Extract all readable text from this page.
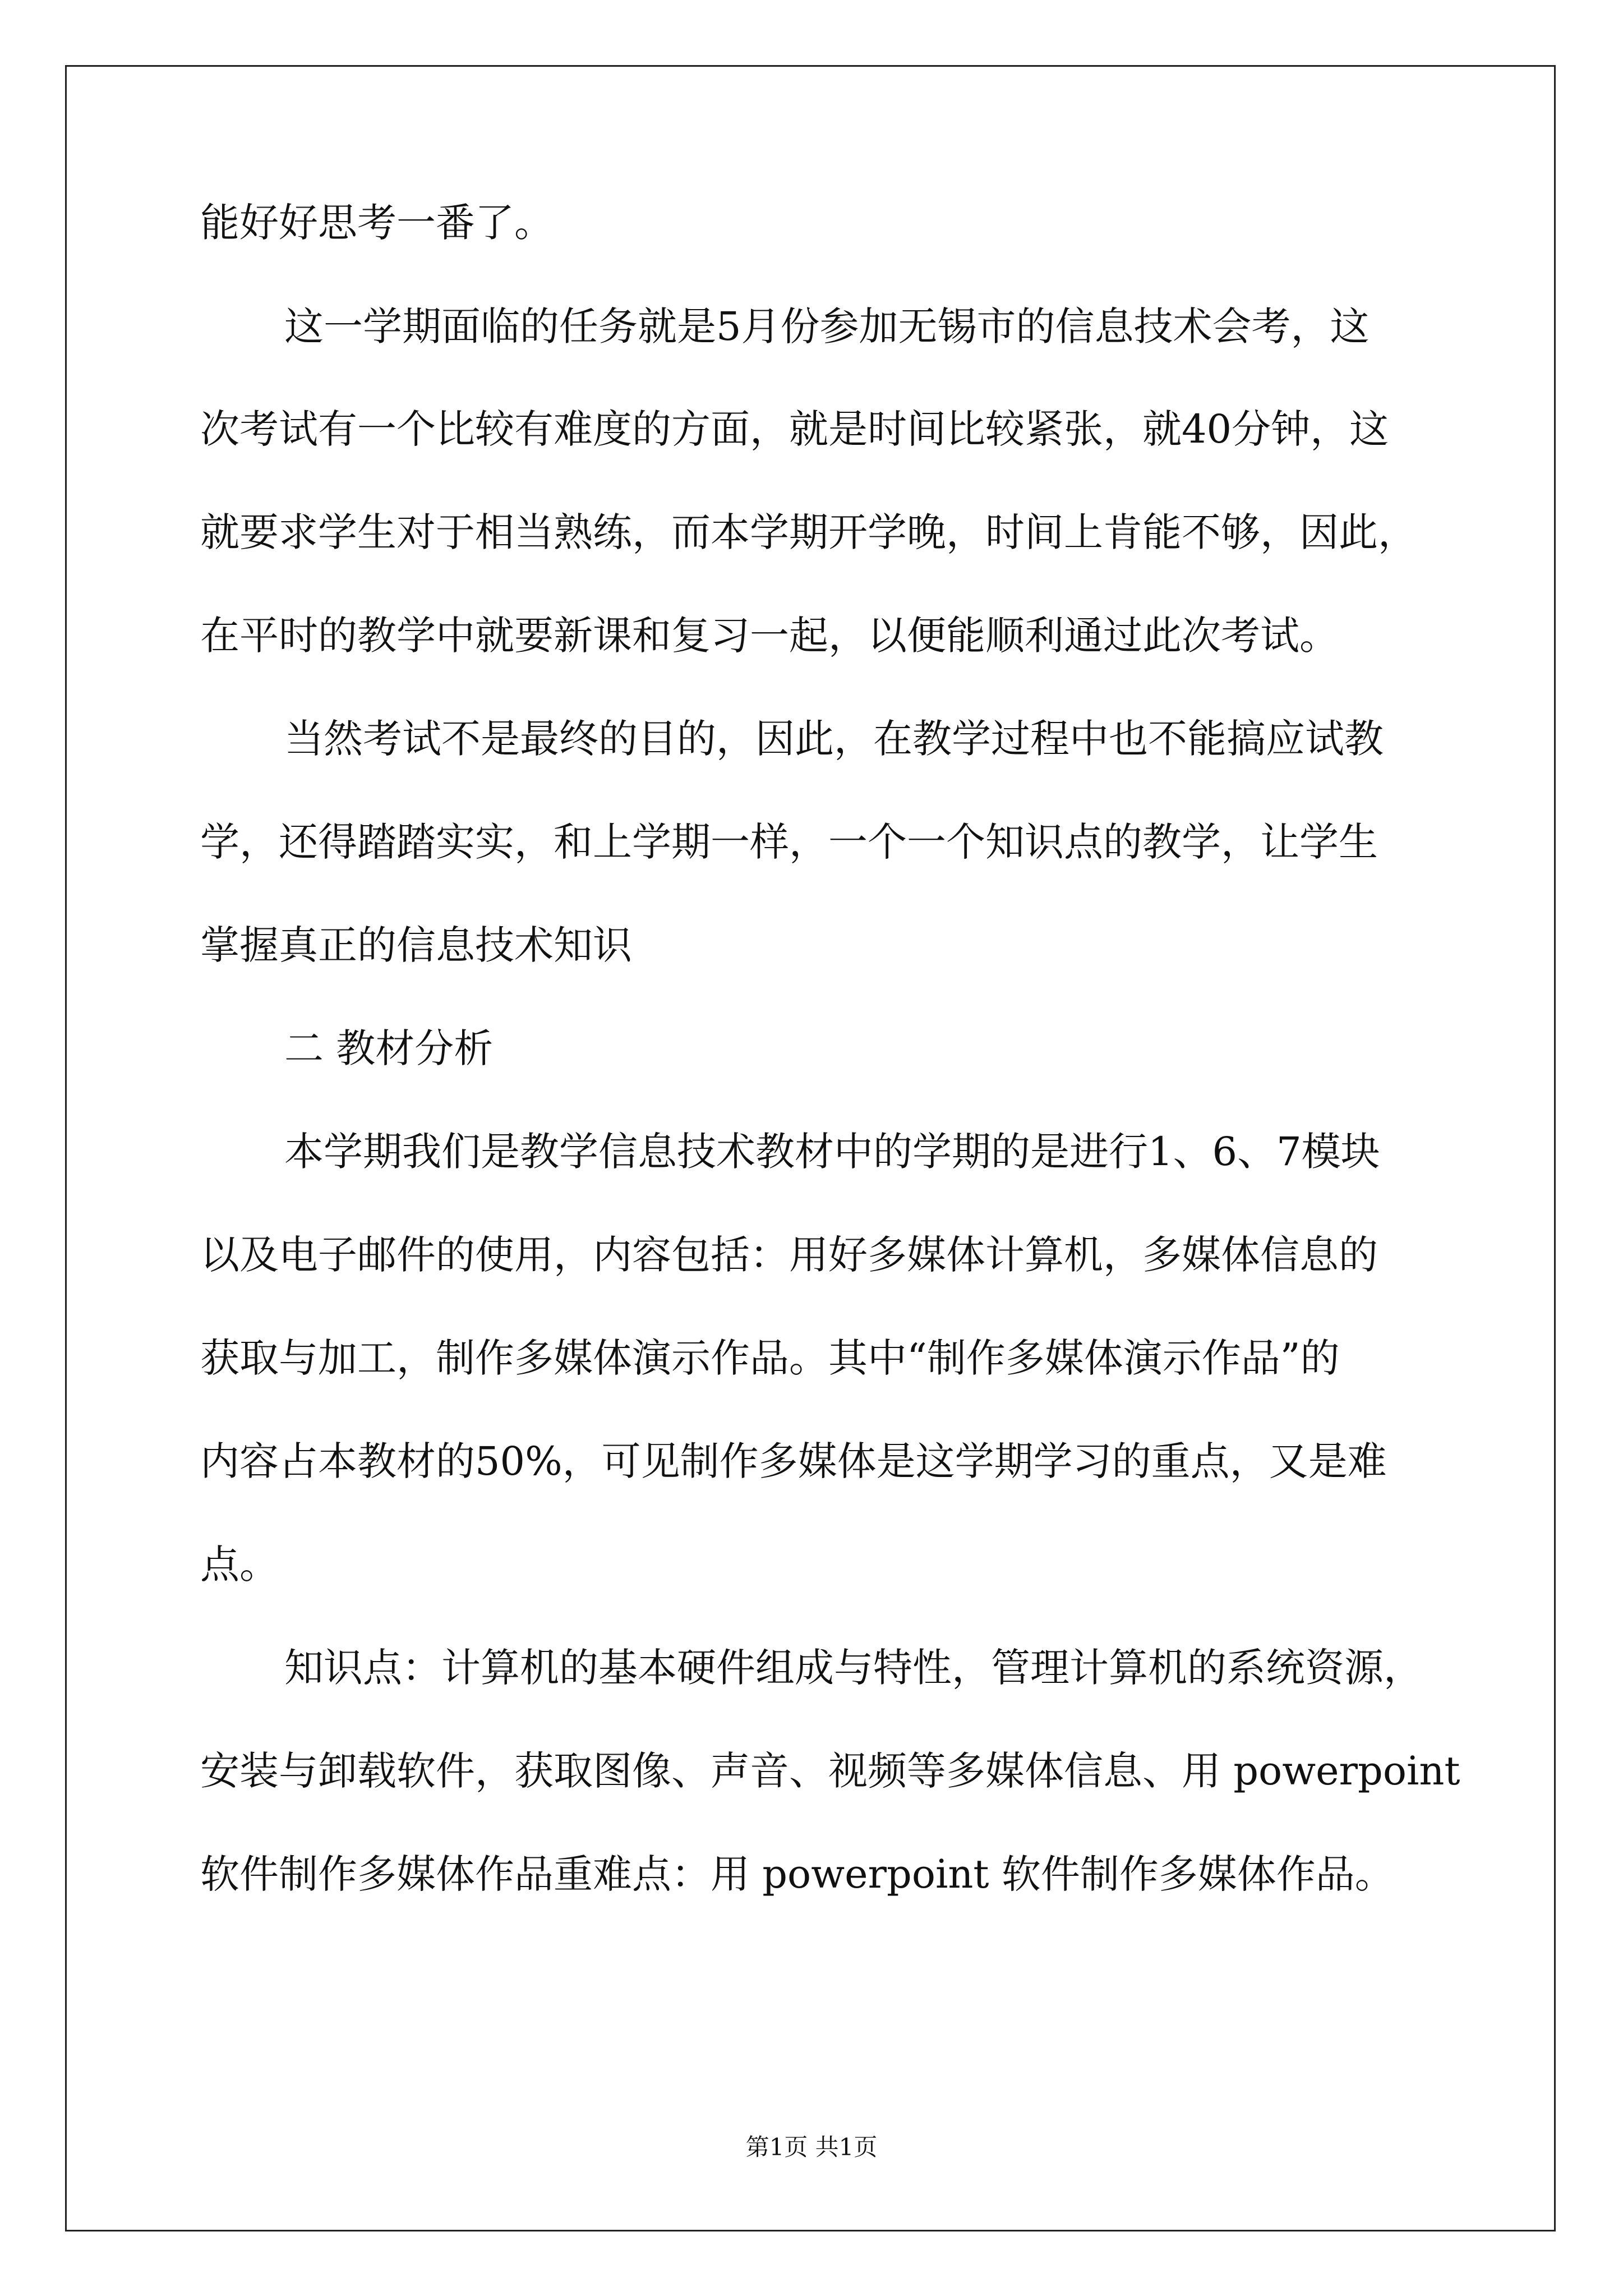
能好好思考一番了。
这一学期面临的任务就是5月份参加无锡市的信息技术会考，这
次考试有一个比较有难度的方面，就是时间比较紧张，就40分钟，这
就要求学生对于相当熟练，而本学期开学晚，时间上肯能不够，因此，
在平时的教学中就要新课和复习一起，以便能顺利通过此次考试。
当然考试不是最终的目的，因此，在教学过程中也不能搞应试教
学，还得踏踏实实，和上学期一样，一个一个知识点的教学，让学生
掌握真正的信息技术知识
二 教材分析
本学期我们是教学信息技术教材中的学期的是进行1、6、7模块
以及电子邮件的使用，内容包括：用好多媒体计算机，多媒体信息的
获取与加工，制作多媒体演示作品。其中“制作多媒体演示作品”的
内容占本教材的50%，可见制作多媒体是这学期学习的重点，又是难
点。
知识点：计算机的基本硬件组成与特性，管理计算机的系统资源，
安装与卸载软件，获取图像、声音、视频等多媒体信息、用 powerpoint
软件制作多媒体作品重难点：用 powerpoint 软件制作多媒体作品。
第1页 共1页
